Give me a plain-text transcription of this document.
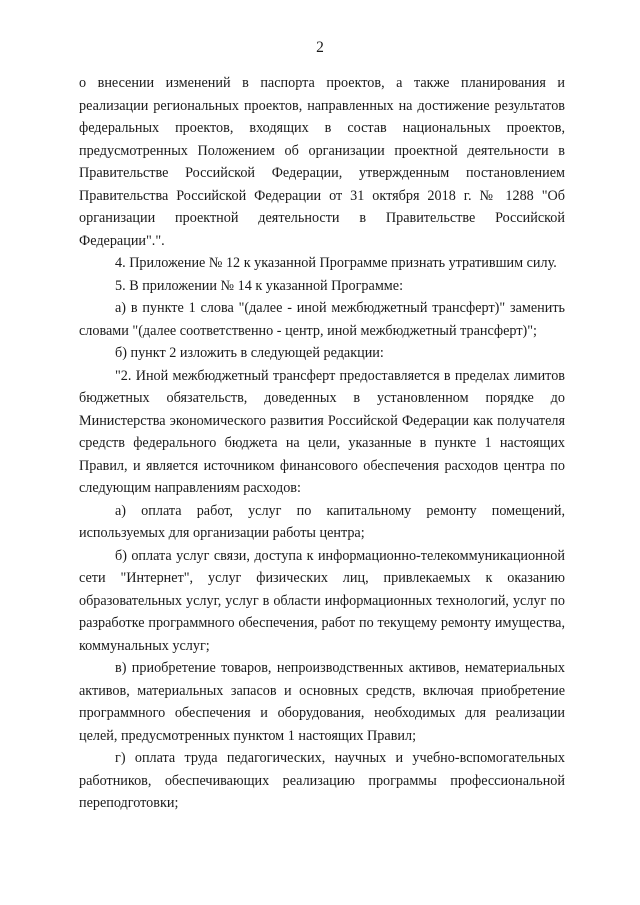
2

о внесении изменений в паспорта проектов, а также планирования и реализации региональных проектов, направленных на достижение результатов федеральных проектов, входящих в состав национальных проектов, предусмотренных Положением об организации проектной деятельности в Правительстве Российской Федерации, утвержденным постановлением Правительства Российской Федерации от 31 октября 2018 г. № 1288 "Об организации проектной деятельности в Правительстве Российской Федерации".".

4. Приложение № 12 к указанной Программе признать утратившим силу.

5. В приложении № 14 к указанной Программе:

а) в пункте 1 слова "(далее - иной межбюджетный трансферт)" заменить словами "(далее соответственно - центр, иной межбюджетный трансферт)";

б) пункт 2 изложить в следующей редакции:

"2. Иной межбюджетный трансферт предоставляется в пределах лимитов бюджетных обязательств, доведенных в установленном порядке до Министерства экономического развития Российской Федерации как получателя средств федерального бюджета на цели, указанные в пункте 1 настоящих Правил, и является источником финансового обеспечения расходов центра по следующим направлениям расходов:

а) оплата работ, услуг по капитальному ремонту помещений, используемых для организации работы центра;

б) оплата услуг связи, доступа к информационно-телекоммуникационной сети "Интернет", услуг физических лиц, привлекаемых к оказанию образовательных услуг, услуг в области информационных технологий, услуг по разработке программного обеспечения, работ по текущему ремонту имущества, коммунальных услуг;

в) приобретение товаров, непроизводственных активов, нематериальных активов, материальных запасов и основных средств, включая приобретение программного обеспечения и оборудования, необходимых для реализации целей, предусмотренных пунктом 1 настоящих Правил;

г) оплата труда педагогических, научных и учебно-вспомогательных работников, обеспечивающих реализацию программы профессиональной переподготовки;
